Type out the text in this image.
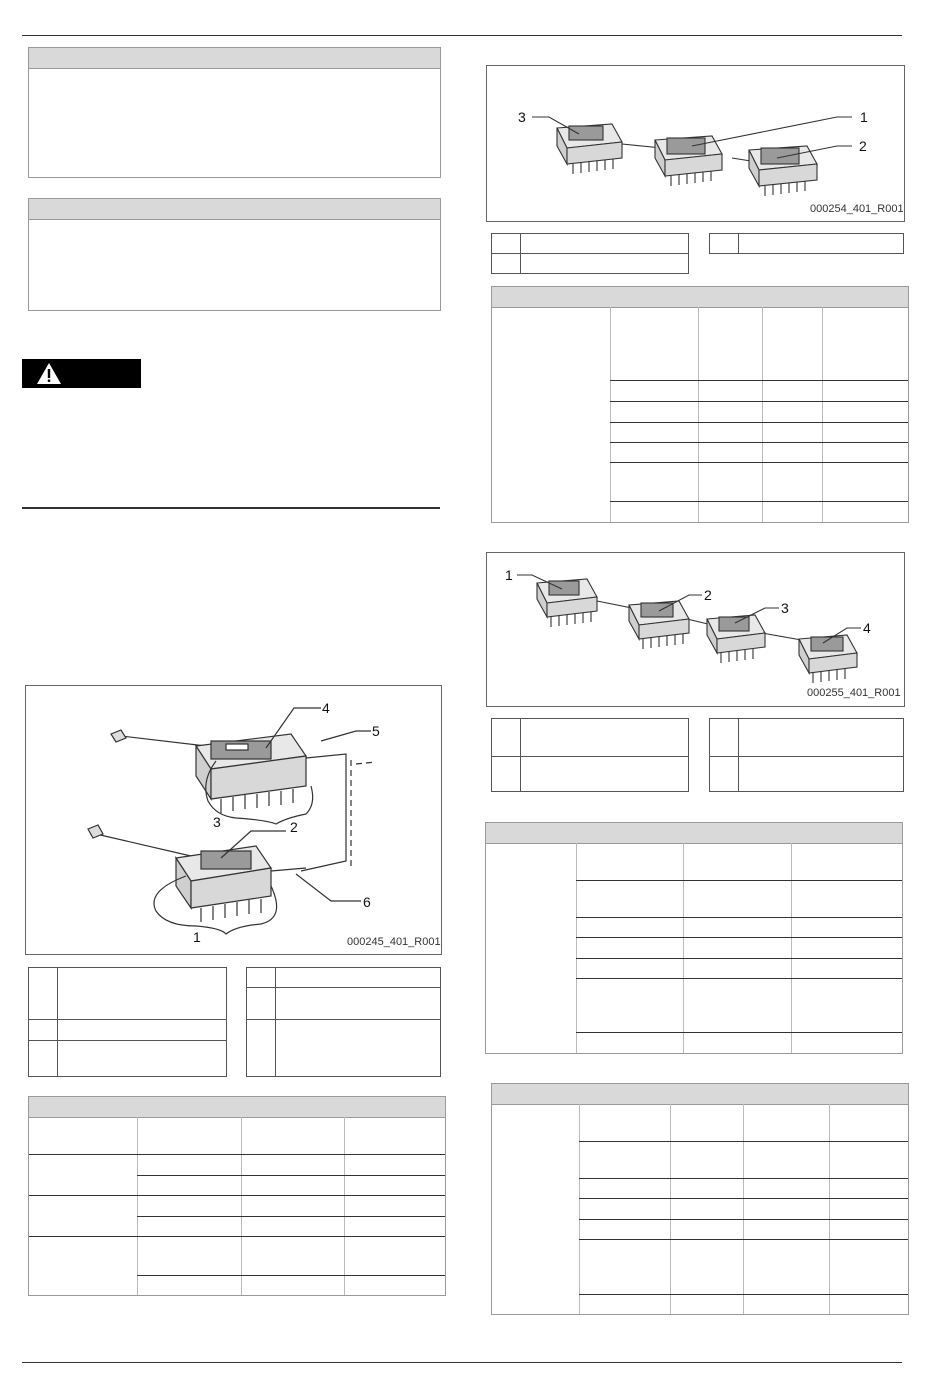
4
5
3	2
6
1	000245_401_R001
3	1
2
000254_401_R001
1
2
3
4
000255_401_R001
